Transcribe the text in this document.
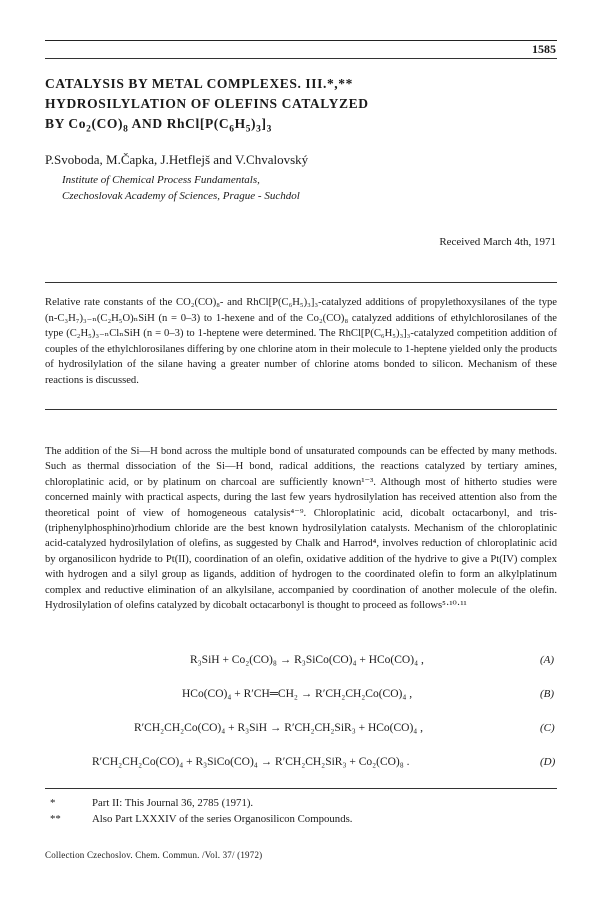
1585
CATALYSIS BY METAL COMPLEXES. III.*,**
HYDROSILYLATION OF OLEFINS CATALYZED
BY $Co_2(CO)_8$ AND $RhCl[P(C_6H_5)_3]_3$
P.Svoboda, M.Čapka, J.Hetflejš and V.Chvalovský
Institute of Chemical Process Fundamentals,
Czechoslovak Academy of Sciences, Prague - Suchdol
Received March 4th, 1971
Relative rate constants of the CO₂(CO)₈- and RhCl[P(C₆H₅)₃]₃-catalyzed additions of propylethoxysilanes of the type (n-C₃H₇)₃₋ₙ(C₂H₅O)ₙSiH (n = 0–3) to 1-hexene and of the Co₂(CO)₈ catalyzed additions of ethylchlorosilanes of the type (C₂H₅)₃₋ₙClₙSiH (n = 0–3) to 1-heptene were determined. The RhCl[P(C₆H₅)₃]₃-catalyzed competition addition of couples of the ethylchlorosilanes differing by one chlorine atom in their molecule to 1-heptene yielded only the products of hydrosilylation of the silane having a greater number of chlorine atoms bonded to silicon. Mechanism of these reactions is discussed.
The addition of the Si—H bond across the multiple bond of unsaturated compounds can be effected by many methods. Such as thermal dissociation of the Si—H bond, radical additions, the reactions catalyzed by tertiary amines, chloroplatinic acid, or by platinum on charcoal are sufficiently known¹⁻³. Although most of hitherto studies were concerned mainly with practical aspects, during the last few years hydrosilylation has received attention also from the theoretical point of view of homogeneous catalysis⁴⁻⁹. Chloroplatinic acid, dicobalt octacarbonyl, and tris-(triphenylphosphino)rhodium chloride are the best known hydrosilylation catalysts. Mechanism of the chloroplatinic acid-catalyzed hydrosilylation of olefins, as suggested by Chalk and Harrod⁴, involves reduction of chloroplatinic acid by organosilicon hydride to Pt(II), coordination of an olefin, oxidative addition of the hydrive to give a Pt(IV) complex with hydrogen and a silyl group as ligands, addition of hydrogen to the coordinated olefin to form an alkylplatinum complex and reductive elimination of an alkylsilane, accompanied by coordination of another molecule of the olefin. Hydrosilylation of olefins catalyzed by dicobalt octacarbonyl is thought to proceed as follows⁵·¹⁰·¹¹
R₃SiH + Co₂(CO)₈ → R₃SiCo(CO)₄ + HCo(CO)₄ ,	(A)
HCo(CO)₄ + R′CH═CH₂ → R′CH₂CH₂Co(CO)₄ ,	(B)
R′CH₂CH₂Co(CO)₄ + R₃SiH → R′CH₂CH₂SiR₃ + HCo(CO)₄ ,	(C)
R′CH₂CH₂Co(CO)₄ + R₃SiCo(CO)₄ → R′CH₂CH₂SiR₃ + Co₂(CO)₈ .	(D)
*	Part II: This Journal 36, 2785 (1971).
**	Also Part LXXXIV of the series Organosilicon Compounds.
Collection Czechoslov. Chem. Commun. /Vol. 37/ (1972)
